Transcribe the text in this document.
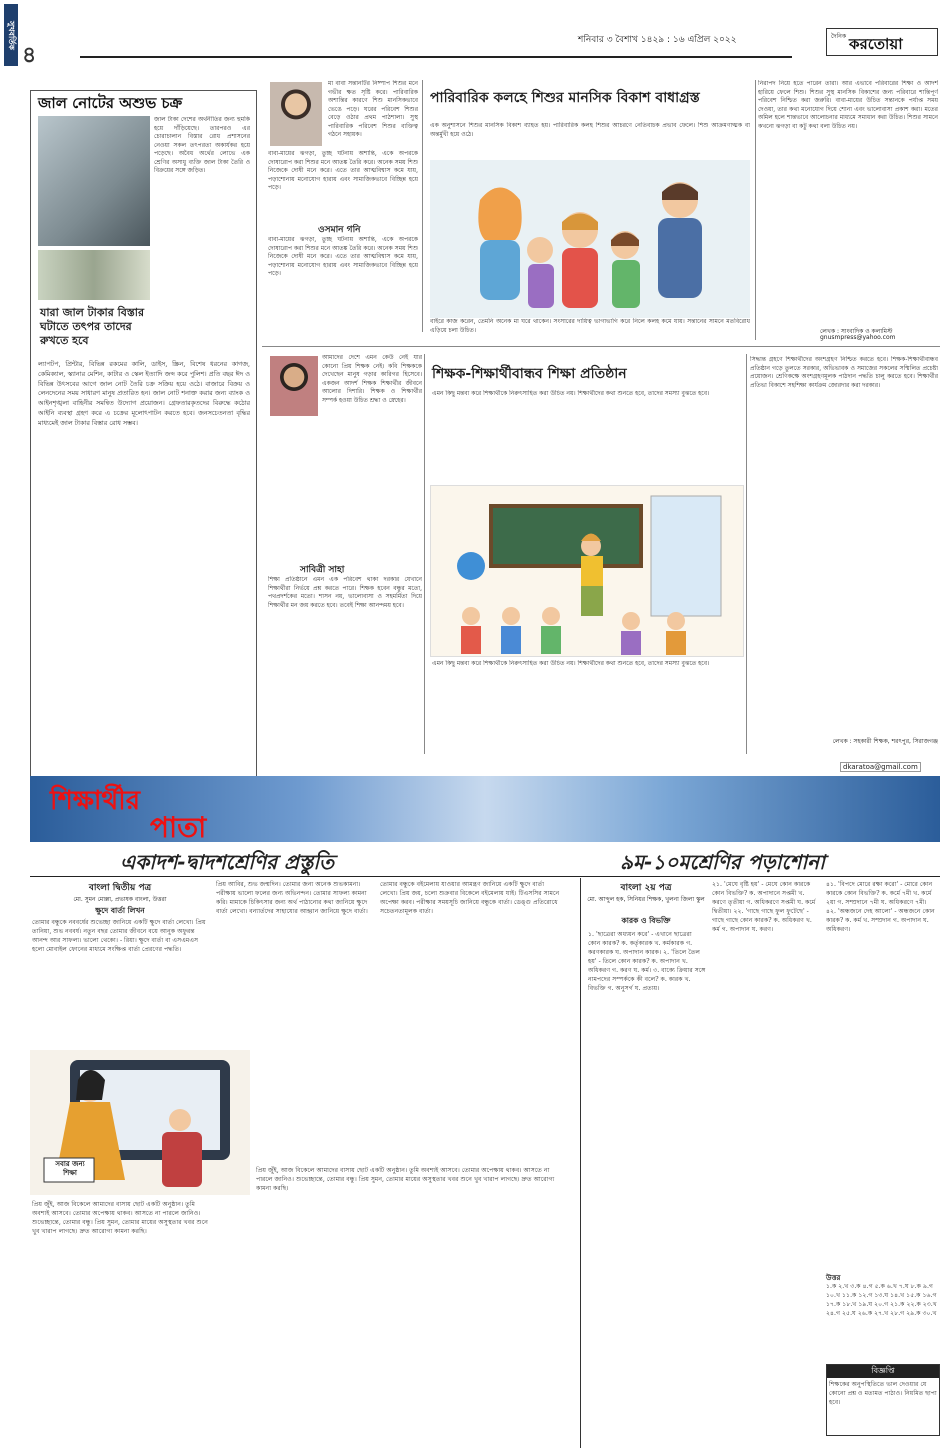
সুখবর্তিক
৪
শনিবার ৩ বৈশাখ ১৪২৯ : ১৬ এপ্রিল ২০২২	দৈনিক করতোয়া
জাল নোটের অশুভ চক্র
জাল টাকা দেশের অর্থনীতির জন্য হুমকি হয়ে দাঁড়িয়েছে। তারপরও এর চোরাচালান বিস্তার রোধ প্রশাসনের নেওয়া সকল তৎপরতা অকার্যকর হয়ে পড়েছে। অবৈধ অর্থের লোভে এক শ্রেণির অসাধু ব্যক্তি জাল টাকা তৈরি ও বিক্রয়ের সঙ্গে জড়িত।
যারা জাল টাকার বিস্তার ঘটাতে তৎপর তাদের রুখতে হবে
ল্যাপটপ, প্রিন্টার, বিভিন্ন রকমের কালি, ডাইস, স্ক্রিন, বিশেষ ধরনের কাগজ, কেমিক্যাল, স্ক্যানার মেশিন, কাটার ও স্কেল ইত্যাদি জব্দ করে পুলিশ। প্রতি বছর ঈদ ও বিভিন্ন উৎসবের আগে জাল নোট তৈরি চক্র সক্রিয় হয়ে ওঠে। বাজারে বিক্রয় ও লেনদেনের সময় সাধারণ মানুষ প্রতারিত হন। জাল নোট শনাক্ত করার জন্য ব্যাংক ও আইনশৃঙ্খলা বাহিনীর সমন্বিত উদ্যোগ প্রয়োজন। গ্রেফতারকৃতদের বিরুদ্ধে কঠোর আইনি ব্যবস্থা গ্রহণ করে এ চক্রের মূলোৎপাটন করতে হবে। জনসচেতনতা বৃদ্ধির মাধ্যমেই জাল টাকার বিস্তার রোধ সম্ভব।
মা বাবা সন্তানটির নিষ্পাপ শিশুর মনে গভীর ক্ষত সৃষ্টি করে। পারিবারিক অশান্তির কারণে শিশু মানসিকভাবে ভেঙে পড়ে। ঘরের পরিবেশ শিশুর বেড়ে ওঠার প্রথম পাঠশালা। সুস্থ পারিবারিক পরিবেশ শিশুর ব্যক্তিত্ব গঠনে সহায়ক।
বাবা-মায়ের ঝগড়া, তুচ্ছ ঘটনায় অশান্তি, একে অপরকে দোষারোপ করা শিশুর মনে আতঙ্ক তৈরি করে। অনেক সময় শিশু নিজেকে দোষী মনে করে। এতে তার আত্মবিশ্বাস কমে যায়, পড়াশোনায় মনোযোগ হারায় এবং সামাজিকভাবে বিচ্ছিন্ন হয়ে পড়ে।
ওসমান গনি
বাবা-মায়ের ঝগড়া, তুচ্ছ ঘটনায় অশান্তি, একে অপরকে দোষারোপ করা শিশুর মনে আতঙ্ক তৈরি করে। অনেক সময় শিশু নিজেকে দোষী মনে করে। এতে তার আত্মবিশ্বাস কমে যায়, পড়াশোনায় মনোযোগ হারায় এবং সামাজিকভাবে বিচ্ছিন্ন হয়ে পড়ে।
পারিবারিক কলহে শিশুর মানসিক বিকাশ বাধাগ্রস্ত
এক অনুশাসনে শিশুর মানসিক বিকাশ ব্যাহত হয়। পারিবারিক কলহ শিশুর আচরণে নেতিবাচক প্রভাব ফেলে। শিশু আক্রমণাত্মক বা অন্তর্মুখী হয়ে ওঠে।
বাইরে কাজ করেন, তেমনি অনেক মা ঘরে থাকেন। সংসারের দায়িত্ব ভাগাভাগি করে নিলে কলহ কমে যায়। সন্তানের সামনে মতবিরোধ এড়িয়ে চলা উচিত।
নিরাপদ নিয়ে হতে পারেন তারা। আর এভাবে পরিবারের শিক্ষা ও আদর্শ হারিয়ে ফেলে শিশু। শিশুর সুস্থ মানসিক বিকাশের জন্য পরিবারে শান্তিপূর্ণ পরিবেশ নিশ্চিত করা জরুরি। বাবা-মায়ের উচিত সন্তানকে পর্যাপ্ত সময় দেওয়া, তার কথা মনোযোগ দিয়ে শোনা এবং ভালোবাসা প্রকাশ করা। মতের অমিল হলে শান্তভাবে আলোচনার মাধ্যমে সমাধান করা উচিত। শিশুর সামনে কখনো ঝগড়া বা কটু কথা বলা উচিত নয়।
লেখক : সাংবাদিক ও কলামিস্ট
gnusmpress@yahoo.com
আমাদের দেশে এমন কেউ নেই যার কোনো প্রিয় শিক্ষক নেই। কবি শিক্ষককে দেখেছেন মানুষ গড়ার কারিগর হিসেবে। একজন আদর্শ শিক্ষক শিক্ষার্থীর জীবনে আলোর দিশারি। শিক্ষক ও শিক্ষার্থীর সম্পর্ক হওয়া উচিত শ্রদ্ধা ও স্নেহের।
সাবিত্রী সাহা
শিক্ষা প্রতিষ্ঠানে এমন এক পরিবেশ থাকা দরকার যেখানে শিক্ষার্থীরা নির্ভয়ে প্রশ্ন করতে পারে। শিক্ষক হবেন বন্ধুর মতো, পথপ্রদর্শকের মতো। শাসন নয়, ভালোবাসা ও সহমর্মিতা দিয়ে শিক্ষার্থীর মন জয় করতে হবে। তবেই শিক্ষা আনন্দময় হবে।
শিক্ষক-শিক্ষার্থীবান্ধব শিক্ষা প্রতিষ্ঠান
এমন কিছু মন্তব্য করে শিক্ষার্থীকে নিরুৎসাহিত করা উচিত নয়। শিক্ষার্থীদের কথা শুনতে হবে, তাদের সমস্যা বুঝতে হবে।
এমন কিছু মন্তব্য করে শিক্ষার্থীকে নিরুৎসাহিত করা উচিত নয়। শিক্ষার্থীদের কথা শুনতে হবে, তাদের সমস্যা বুঝতে হবে।
সিদ্ধান্ত গ্রহণে শিক্ষার্থীদের অংশগ্রহণ নিশ্চিত করতে হবে। শিক্ষক-শিক্ষার্থীবান্ধব প্রতিষ্ঠান গড়ে তুলতে সরকার, অভিভাবক ও সমাজের সকলের সম্মিলিত প্রচেষ্টা প্রয়োজন। শ্রেণিকক্ষে অংশগ্রহণমূলক পাঠদান পদ্ধতি চালু করতে হবে। শিক্ষার্থীর প্রতিভা বিকাশে সহশিক্ষা কার্যক্রম জোরদার করা দরকার।
লেখক : সহকারী শিক্ষক, শরৎপুর, সিরাজগঞ্জ
dkaratoa@gmail.com
শিক্ষার্থীর
পাতা
একাদশ-দ্বাদশশ্রেণির প্রস্তুতি	৯ম-১০মশ্রেণির পড়াশোনা
বাংলা দ্বিতীয় পত্র
মো. সুমন মোল্লা, প্রভাষক বাংলা, উত্তরা
ক্ষুদে বার্তা লিখন
তোমার বন্ধুকে নববর্ষের শুভেচ্ছা জানিয়ে একটি ক্ষুদে বার্তা লেখো। প্রিয় তানিয়া, শুভ নববর্ষ। নতুন বছর তোমার জীবনে বয়ে আনুক অফুরন্ত আনন্দ আর সাফল্য। ভালো থেকো। - রিয়া। ক্ষুদে বার্তা বা এসএমএস হলো মোবাইল ফোনের মাধ্যমে সংক্ষিপ্ত বার্তা প্রেরণের পদ্ধতি।
প্রিয় আবির, শুভ জন্মদিন। তোমার জন্য অনেক শুভকামনা। পরীক্ষায় ভালো ফলের জন্য অভিনন্দন। তোমার সাফল্য কামনা করি। মামাকে চিকিৎসার জন্য অর্থ পাঠানোর কথা জানিয়ে ক্ষুদে বার্তা লেখো। বন্যার্তদের সাহায্যের আহ্বান জানিয়ে ক্ষুদে বার্তা।
তোমার বন্ধুকে বইমেলায় যাওয়ার আমন্ত্রণ জানিয়ে একটি ক্ষুদে বার্তা লেখো। প্রিয় জয়, চলো শুক্রবার বিকেলে বইমেলায় যাই। টিএসসির সামনে অপেক্ষা করব। পরীক্ষার সময়সূচি জানিয়ে বন্ধুকে বার্তা। ডেঙ্গু প্রতিরোধে সচেতনতামূলক বার্তা।
সবার জন্য
শিক্ষা
প্রিয় জুঁই, আজ বিকেলে আমাদের বাসায় ছোট একটি অনুষ্ঠান। তুমি অবশ্যই আসবে। তোমার অপেক্ষায় থাকব। আসতে না পারলে জানিও। শুভেচ্ছান্তে, তোমার বন্ধু। প্রিয় সুমন, তোমার মায়ের অসুস্থতার খবর শুনে খুব খারাপ লাগছে। দ্রুত আরোগ্য কামনা করছি।
প্রিয় জুঁই, আজ বিকেলে আমাদের বাসায় ছোট একটি অনুষ্ঠান। তুমি অবশ্যই আসবে। তোমার অপেক্ষায় থাকব। আসতে না পারলে জানিও। শুভেচ্ছান্তে, তোমার বন্ধু। প্রিয় সুমন, তোমার মায়ের অসুস্থতার খবর শুনে খুব খারাপ লাগছে। দ্রুত আরোগ্য কামনা করছি।
বাংলা ২য় পত্র
মো. আব্দুল হক, সিনিয়র শিক্ষক, খুলনা জিলা স্কুল
কারক ও বিভক্তি
১. 'ছাত্রেরা অধ্যয়ন করে' - এখানে ছাত্রেরা কোন কারক? ক. কর্তৃকারক খ. কর্মকারক গ. করণকারক ঘ. অপাদান কারক। ২. 'তিলে তৈল হয়' - তিলে কোন কারক? ক. অপাদান খ. অধিকরণ গ. করণ ঘ. কর্ম। ৩. বাক্যে ক্রিয়ার সঙ্গে নামপদের সম্পর্ককে কী বলে? ক. কারক খ. বিভক্তি গ. অনুসর্গ ঘ. প্রত্যয়।
২১. 'মেঘে বৃষ্টি হয়' - মেঘে কোন কারকে কোন বিভক্তি? ক. অপাদানে সপ্তমী খ. করণে তৃতীয়া গ. অধিকরণে সপ্তমী ঘ. কর্মে দ্বিতীয়া। ২২. 'গাছে গাছে ফুল ফুটেছে' - গাছে গাছে কোন কারক? ক. অধিকরণ খ. কর্ম গ. অপাদান ঘ. করণ।
৪১. 'বিপদে মোরে রক্ষা করো' - মোরে কোন কারকে কোন বিভক্তি? ক. কর্মে ৭মী খ. কর্মে ২য়া গ. সম্প্রদানে ৭মী ঘ. অধিকরণে ৭মী। ৪২. 'অন্ধজনে দেহ আলো' - অন্ধজনে কোন কারক? ক. কর্ম খ. সম্প্রদান গ. অপাদান ঘ. অধিকরণ।
উত্তর
১.ক ২.খ ৩.ক ৪.গ ৫.ক ৬.খ ৭.ঘ ৮.ক ৯.গ ১০.খ ১১.ক ১২.গ ১৩.ঘ ১৪.খ ১৫.ক ১৬.গ ১৭.ক ১৮.খ ১৯.ঘ ২০.গ ২১.ক ২২.ক ২৩.খ ২৪.গ ২৫.ঘ ২৬.ক ২৭.খ ২৮.গ ২৯.ক ৩০.খ
বিজ্ঞপ্তি
শিক্ষকের অনুপস্থিতিতে ভাল দেওয়ার যে কোনো প্রশ্ন ও মতামত পাঠাও। নিয়মিত ছাপা হবে।
